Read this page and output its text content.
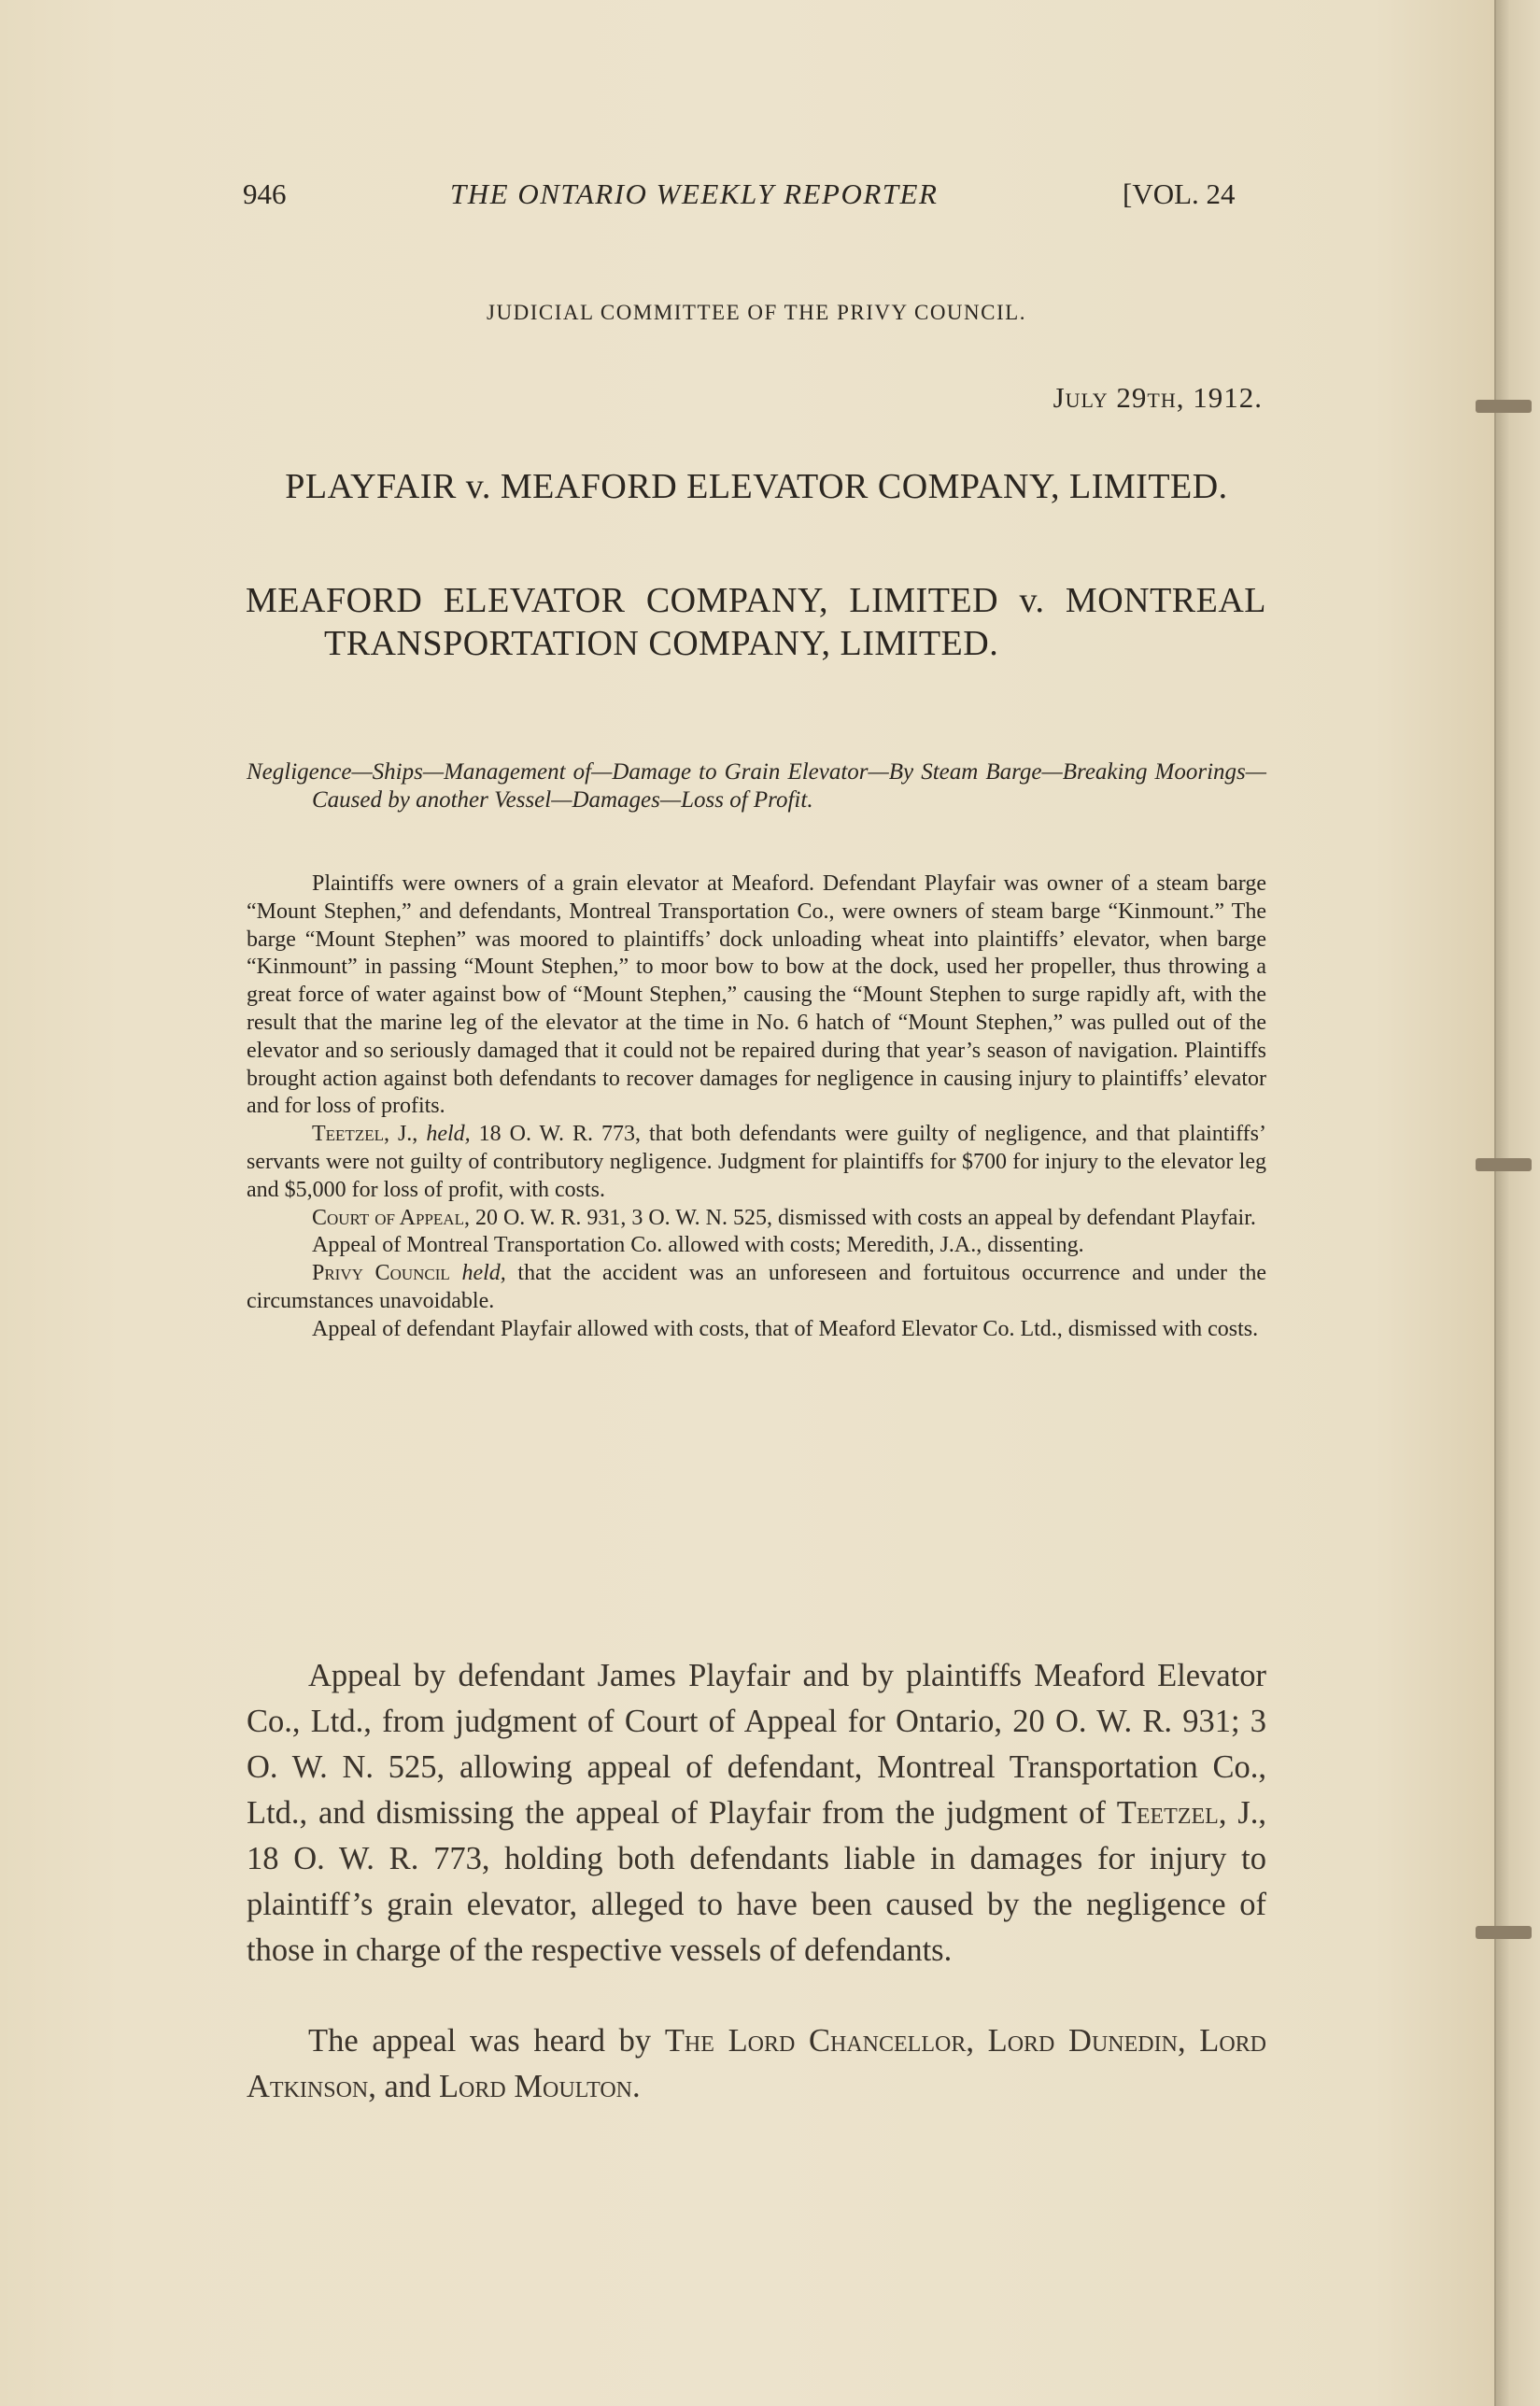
946	THE ONTARIO WEEKLY REPORTER	[VOL. 24
JUDICIAL COMMITTEE OF THE PRIVY COUNCIL.
July 29th, 1912.
PLAYFAIR v. MEAFORD ELEVATOR COMPANY, LIMITED.
MEAFORD ELEVATOR COMPANY, LIMITED v. MONTREAL TRANSPORTATION COMPANY, LIMITED.
Negligence—Ships—Management of—Damage to Grain Elevator—By Steam Barge—Breaking Moorings—Caused by another Vessel—Damages—Loss of Profit.

Plaintiffs were owners of a grain elevator at Meaford. Defendant Playfair was owner of a steam barge “Mount Stephen,” and defendants, Montreal Transportation Co., were owners of steam barge “Kinmount.” The barge “Mount Stephen” was moored to plaintiffs’ dock unloading wheat into plaintiffs’ elevator, when barge “Kinmount” in passing “Mount Stephen,” to moor bow to bow at the dock, used her propeller, thus throwing a great force of water against bow of “Mount Stephen,” causing the “Mount Stephen to surge rapidly aft, with the result that the marine leg of the elevator at the time in No. 6 hatch of “Mount Stephen,” was pulled out of the elevator and so seriously damaged that it could not be repaired during that year’s season of navigation. Plaintiffs brought action against both defendants to recover damages for negligence in causing injury to plaintiffs’ elevator and for loss of profits.

Teetzel, J., held, 18 O. W. R. 773, that both defendants were guilty of negligence, and that plaintiffs’ servants were not guilty of contributory negligence. Judgment for plaintiffs for $700 for injury to the elevator leg and $5,000 for loss of profit, with costs.

Court of Appeal, 20 O. W. R. 931, 3 O. W. N. 525, dismissed with costs an appeal by defendant Playfair.

Appeal of Montreal Transportation Co. allowed with costs; Meredith, J.A., dissenting.

Privy Council held, that the accident was an unforeseen and fortuitous occurrence and under the circumstances unavoidable.

Appeal of defendant Playfair allowed with costs, that of Meaford Elevator Co. Ltd., dismissed with costs.

Appeal by defendant James Playfair and by plaintiffs Meaford Elevator Co., Ltd., from judgment of Court of Appeal for Ontario, 20 O. W. R. 931; 3 O. W. N. 525, allowing appeal of defendant, Montreal Transportation Co., Ltd., and dismissing the appeal of Playfair from the judgment of Teetzel, J., 18 O. W. R. 773, holding both defendants liable in damages for injury to plaintiff’s grain elevator, alleged to have been caused by the negligence of those in charge of the respective vessels of defendants.

The appeal was heard by The Lord Chancellor, Lord Dunedin, Lord Atkinson, and Lord Moulton.
